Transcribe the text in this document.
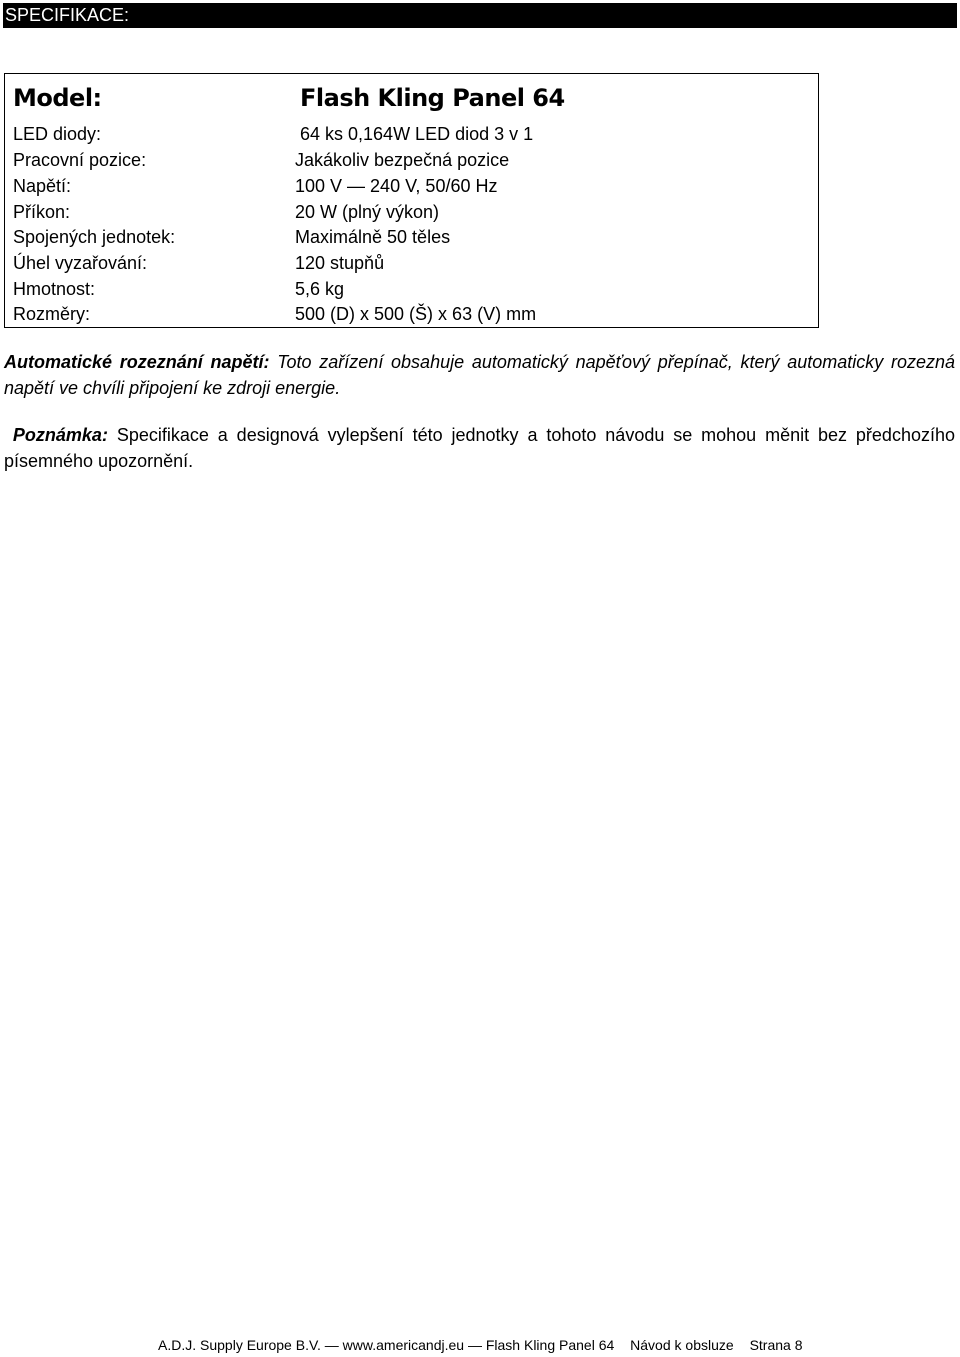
SPECIFIKACE:
Model:	Flash Kling Panel 64
LED diody:	64 ks 0,164W LED diod 3 v 1
Pracovní pozice:	Jakákoliv bezpečná pozice
Napětí:	100 V — 240 V, 50/60 Hz
Příkon:	20 W (plný výkon)
Spojených jednotek:	Maximálně 50 těles
Úhel vyzařování:	120 stupňů
Hmotnost:	5,6 kg
Rozměry:	500 (D) x 500 (Š) x 63 (V) mm
Automatické rozeznání napětí: Toto zařízení obsahuje automatický napěťový přepínač, který automaticky rozezná napětí ve chvíli připojení ke zdroji energie.
Poznámka: Specifikace a designová vylepšení této jednotky a tohoto návodu se mohou měnit bez předchozího písemného upozornění.
A.D.J. Supply Europe B.V. — www.americandj.eu — Flash Kling Panel 64 Návod k obsluze Strana 8
